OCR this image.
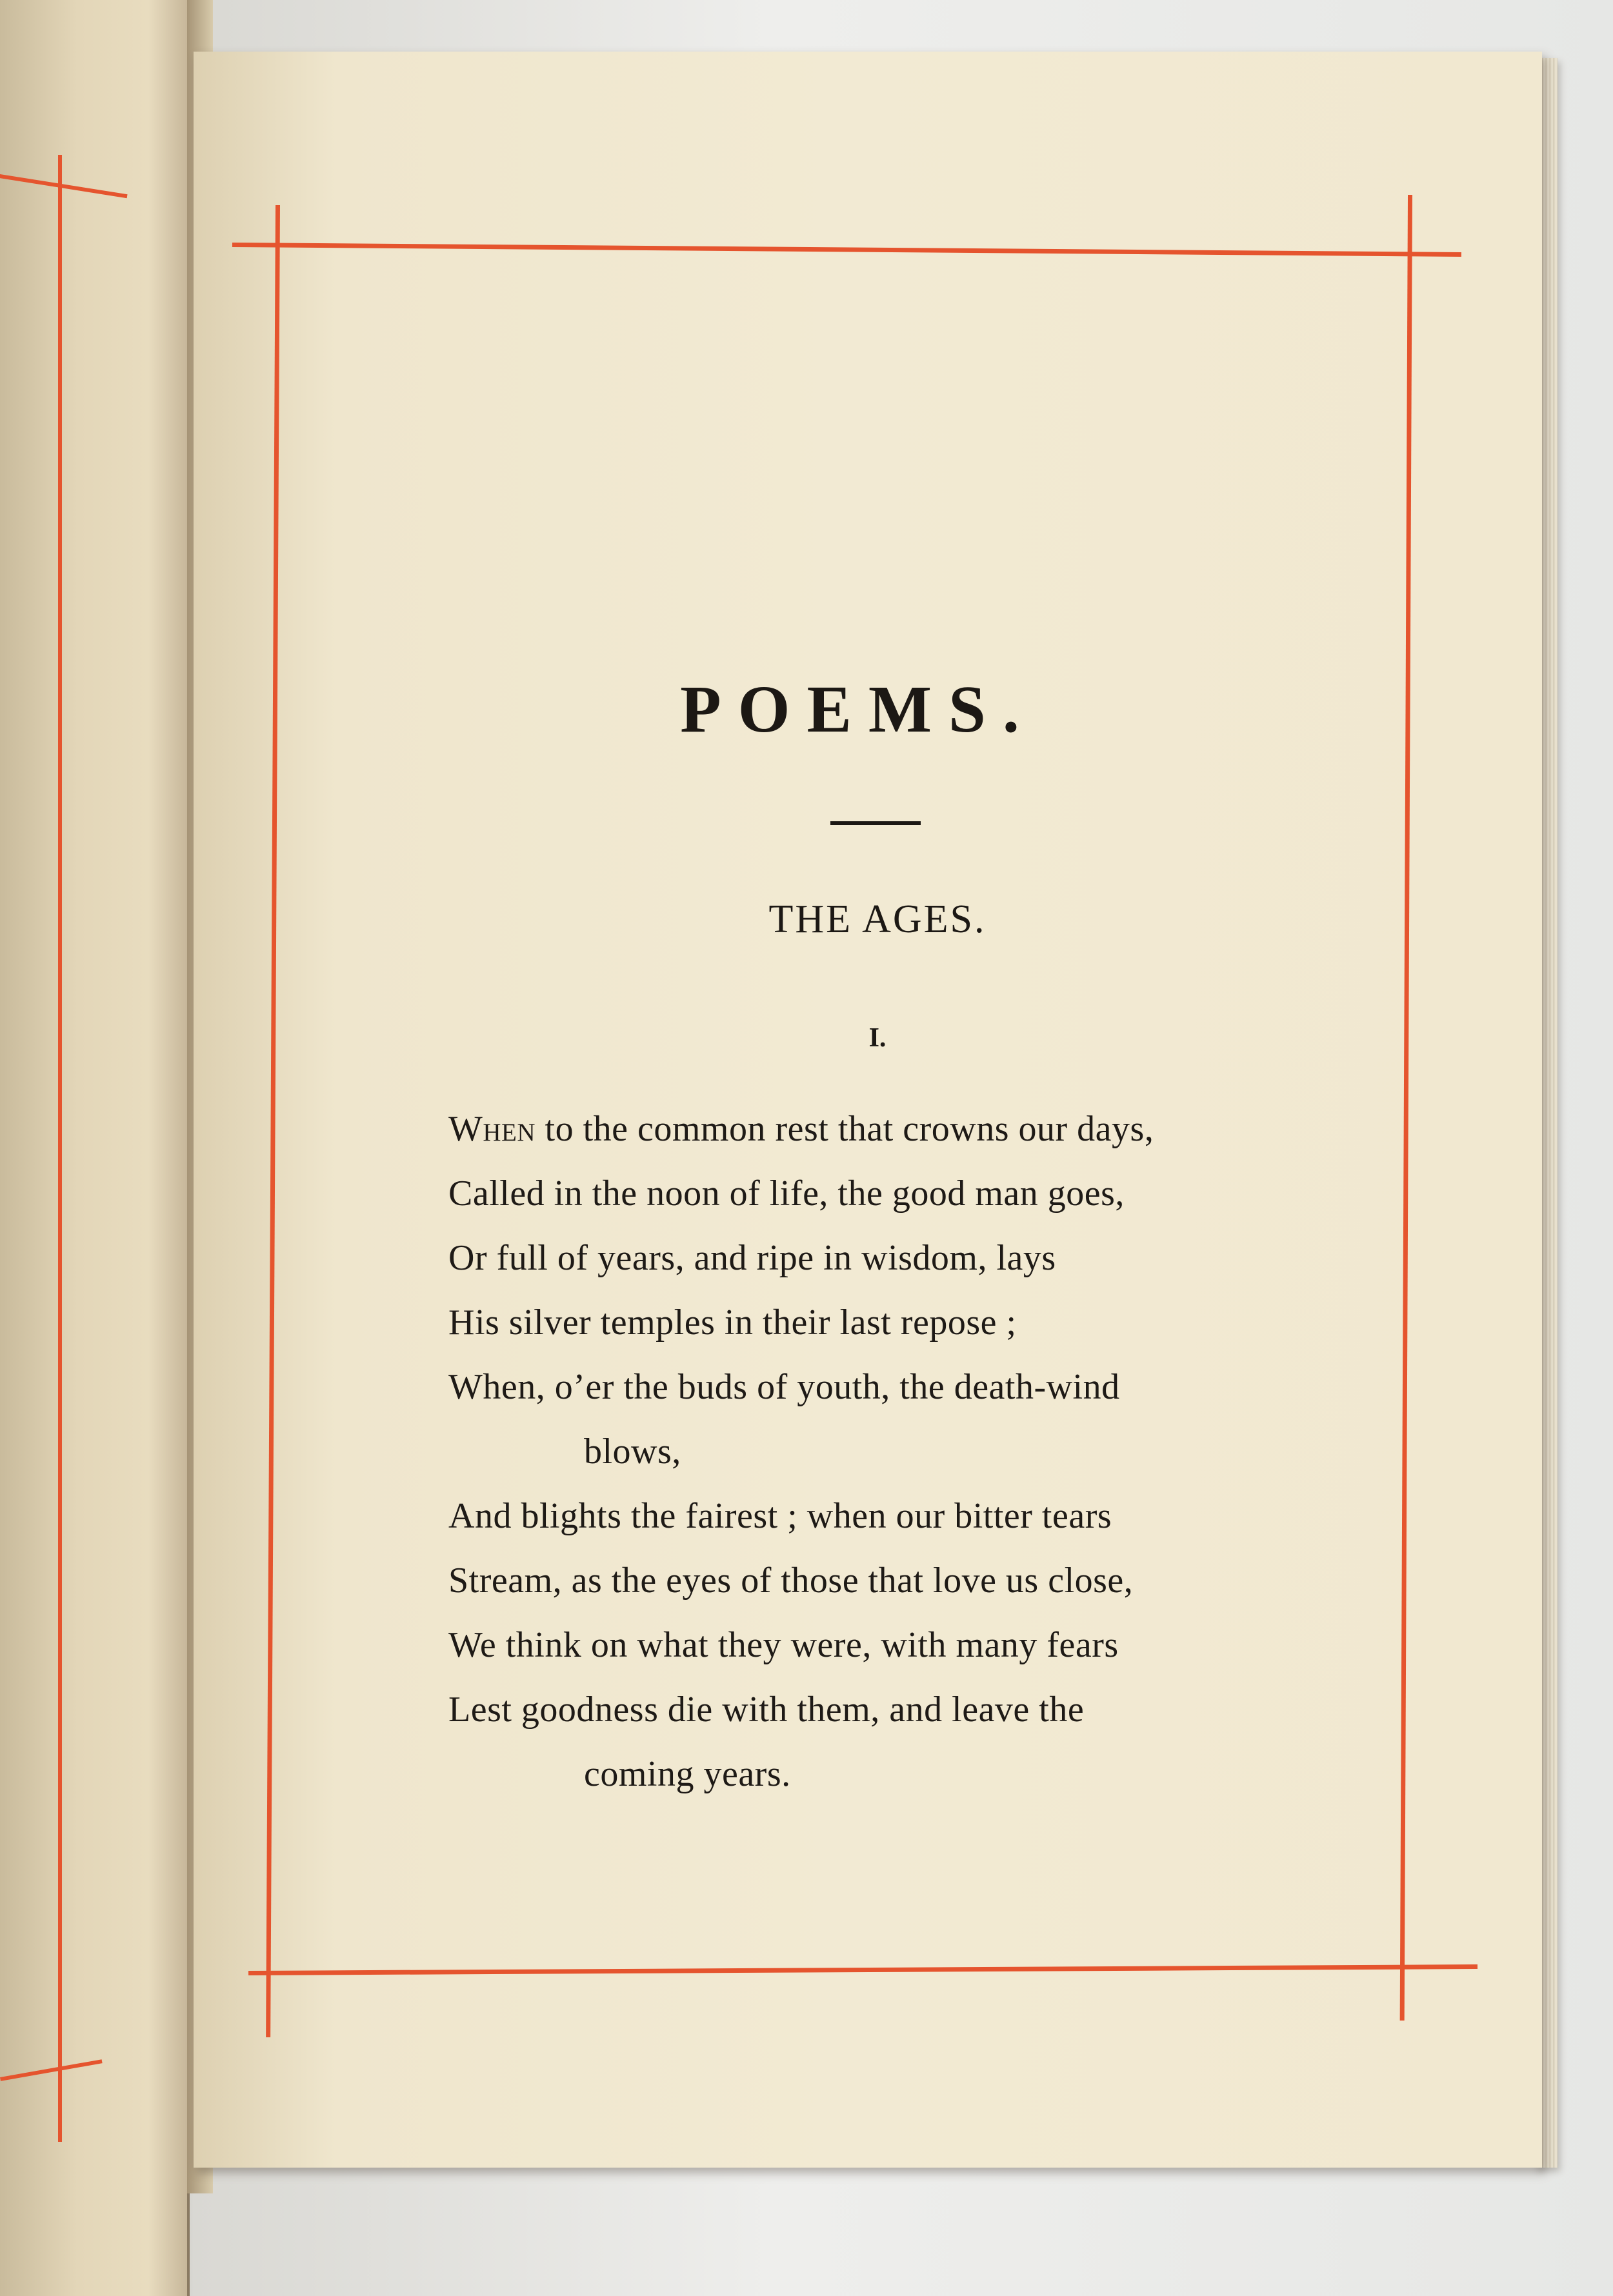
POEMS.
THE AGES.
I.
When to the common rest that crowns our days,
Called in the noon of life, the good man goes,
Or full of years, and ripe in wisdom, lays
His silver temples in their last repose ;
When, o’er the buds of youth, the death-wind
blows,
And blights the fairest ; when our bitter tears
Stream, as the eyes of those that love us close,
We think on what they were, with many fears
Lest goodness die with them, and leave the
coming years.
